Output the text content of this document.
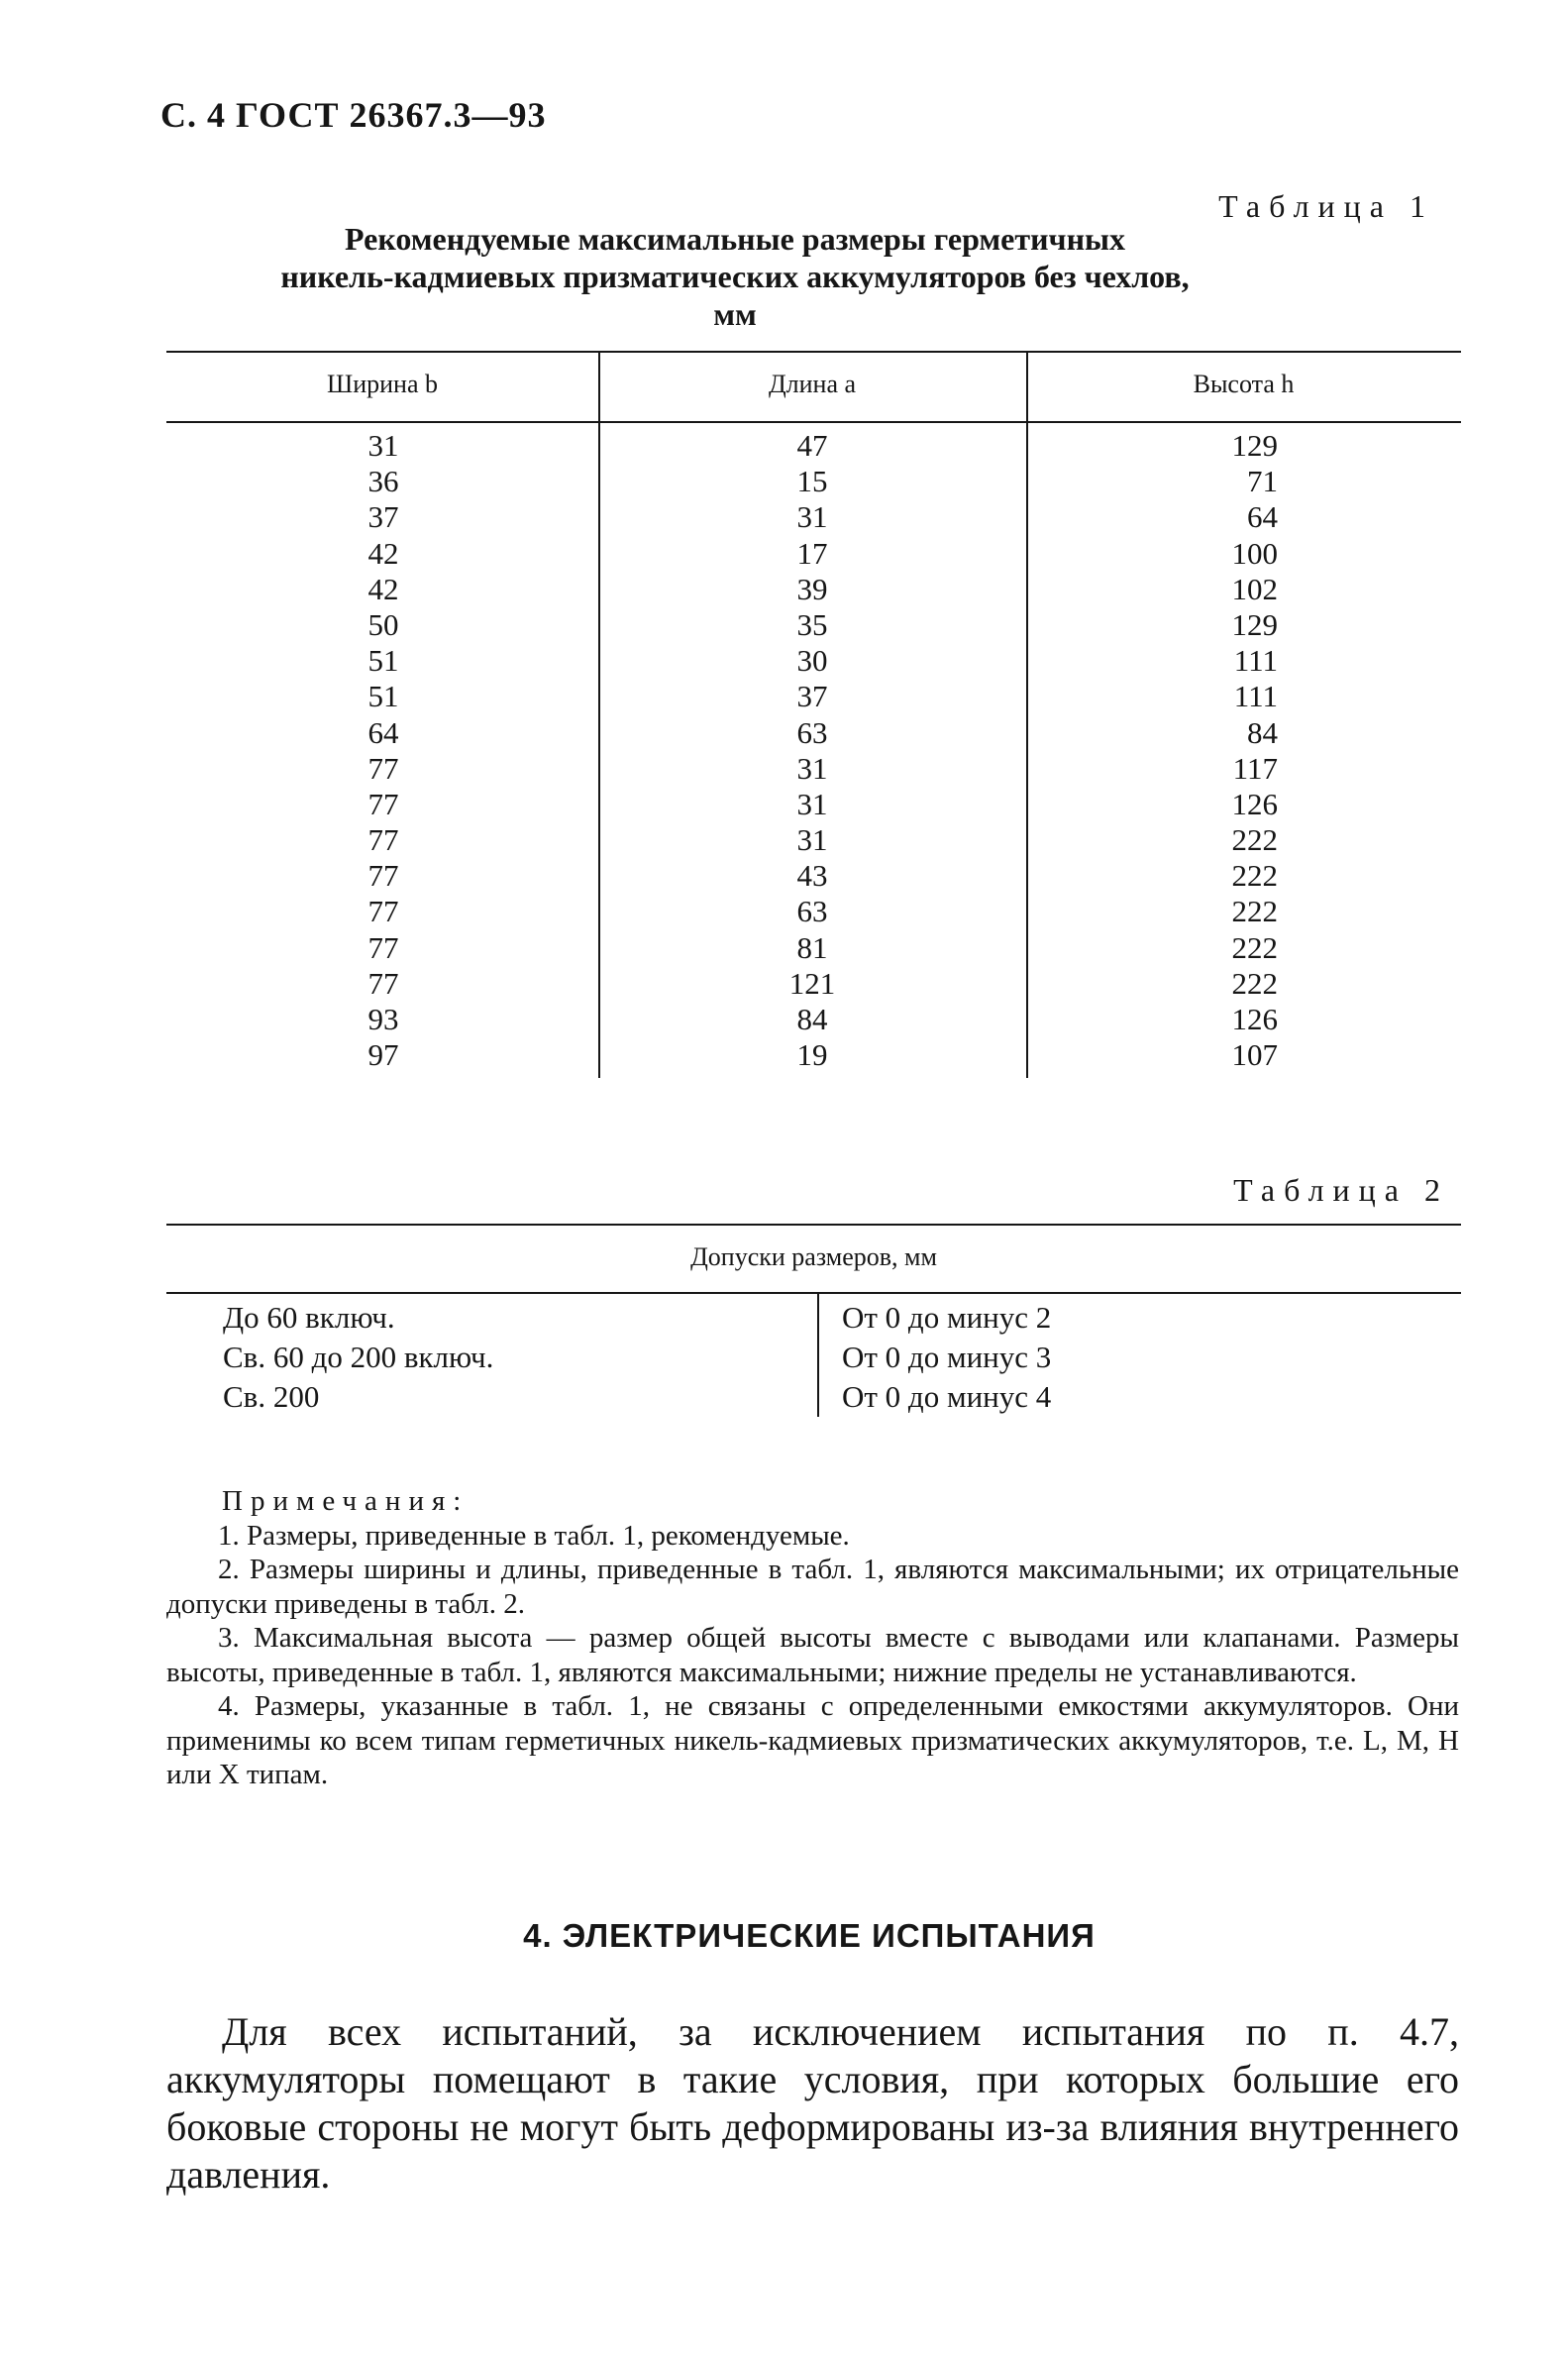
С. 4 ГОСТ 26367.3—93
Таблица 1
Рекомендуемые максимальные размеры герметичных
никель-кадмиевых призматических аккумуляторов без чехлов,
мм
Ширина b	Длина a	Высота h
31
36
37
42
42
50
51
51
64
77
77
77
77
77
77
77
93
97
47
15
31
17
39
35
30
37
63
31
31
31
43
63
81
121
84
19
129
71
64
100
102
129
111
111
84
117
126
222
222
222
222
222
126
107
Таблица 2
Допуски размеров, мм
До 60 включ.
Св. 60 до 200 включ.
Св. 200
От 0 до минус 2
От 0 до минус 3
От 0 до минус 4

Примечания:

1. Размеры, приведенные в табл. 1, рекомендуемые.

2. Размеры ширины и длины, приведенные в табл. 1, являются максимальными; их отрицательные допуски приведены в табл. 2.

3. Максимальная высота — размер общей высоты вместе с выводами или клапанами. Размеры высоты, приведенные в табл. 1, являются максимальными; нижние пределы не устанавливаются.

4. Размеры, указанные в табл. 1, не связаны с определенными емкостями аккумуляторов. Они применимы ко всем типам герметичных никель-кадмиевых призматических аккумуляторов, т.е. L, M, H или X типам.

4. ЭЛЕКТРИЧЕСКИЕ ИСПЫТАНИЯ

Для всех испытаний, за исключением испытания по п. 4.7, аккумуляторы помещают в такие условия, при которых большие его боковые стороны не могут быть деформированы из-за влияния внутреннего давления.
